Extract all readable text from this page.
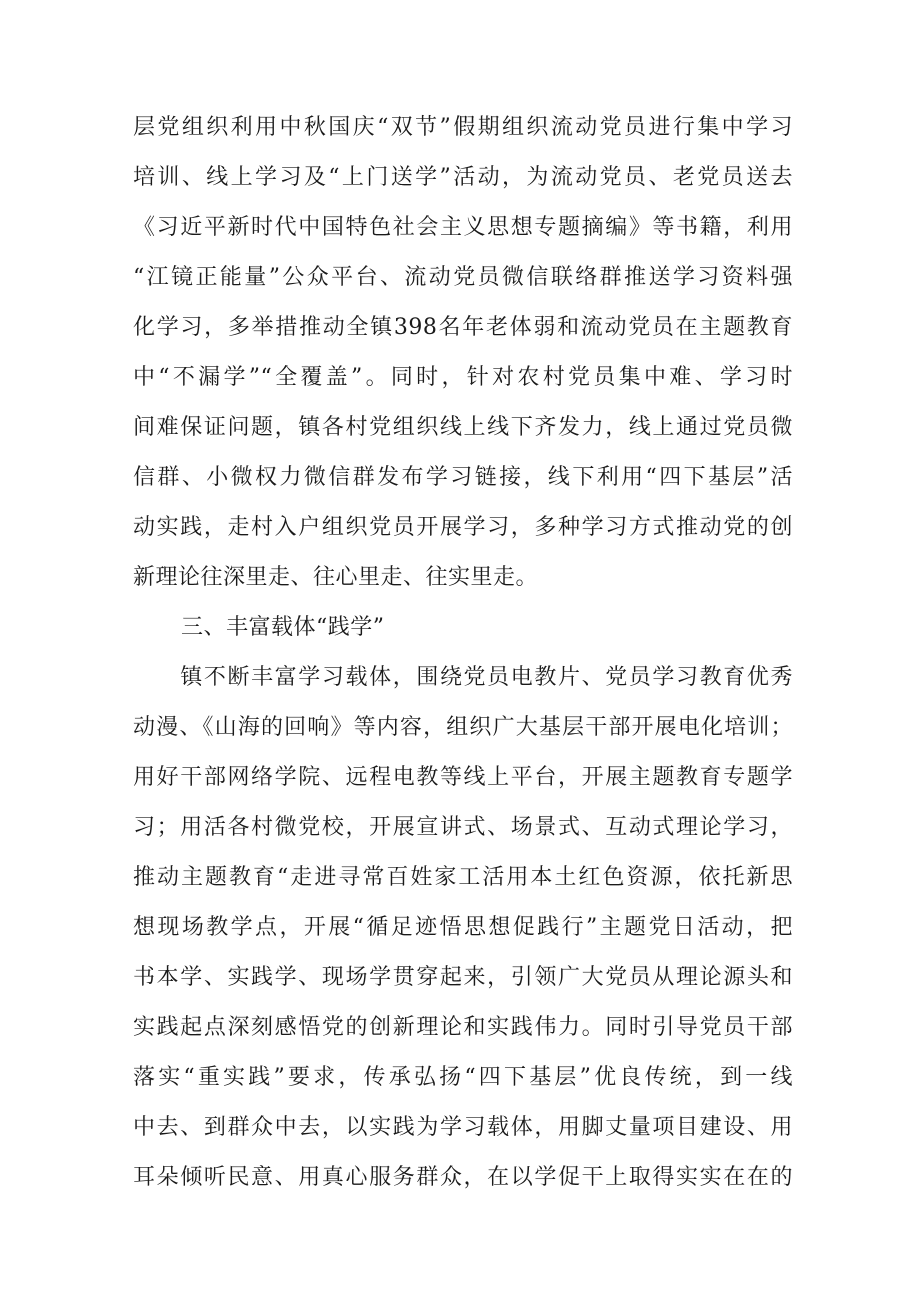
层党组织利用中秋国庆“双节”假期组织流动党员进行集中学习
培训、线上学习及“上门送学”活动，为流动党员、老党员送去
《习近平新时代中国特色社会主义思想专题摘编》等书籍，利用
“江镜正能量”公众平台、流动党员微信联络群推送学习资料强
化学习，多举措推动全镇398名年老体弱和流动党员在主题教育
中“不漏学”“全覆盖”。同时，针对农村党员集中难、学习时
间难保证问题，镇各村党组织线上线下齐发力，线上通过党员微
信群、小微权力微信群发布学习链接，线下利用“四下基层”活
动实践，走村入户组织党员开展学习，多种学习方式推动党的创
新理论往深里走、往心里走、往实里走。
三、丰富载体“践学”
　　镇不断丰富学习载体，围绕党员电教片、党员学习教育优秀
动漫、《山海的回响》等内容，组织广大基层干部开展电化培训；
用好干部网络学院、远程电教等线上平台，开展主题教育专题学
习；用活各村微党校，开展宣讲式、场景式、互动式理论学习，
推动主题教育“走进寻常百姓家工活用本土红色资源，依托新思
想现场教学点，开展“循足迹悟思想促践行”主题党日活动，把
书本学、实践学、现场学贯穿起来，引领广大党员从理论源头和
实践起点深刻感悟党的创新理论和实践伟力。同时引导党员干部
落实“重实践”要求，传承弘扬“四下基层”优良传统，到一线
中去、到群众中去，以实践为学习载体，用脚丈量项目建设、用
耳朵倾听民意、用真心服务群众，在以学促干上取得实实在在的
